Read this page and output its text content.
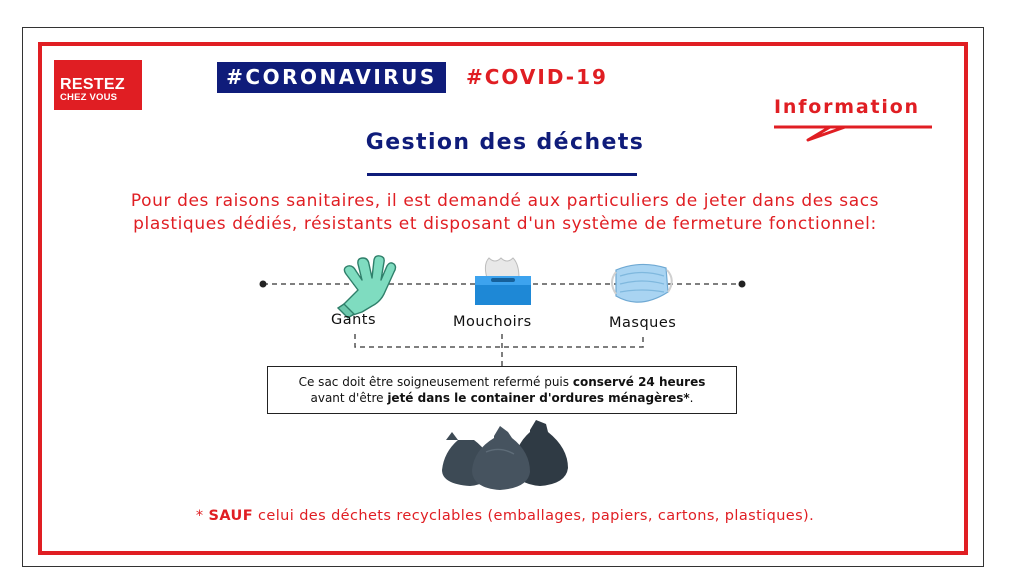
RESTEZ
CHEZ VOUS
#CORONAVIRUS	#COVID-19
Information
Gestion des déchets
Pour des raisons sanitaires, il est demandé aux particuliers de jeter dans des sacs
plastiques dédiés, résistants et disposant d'un système de fermeture fonctionnel:
Gants	Mouchoirs	Masques
Ce sac doit être soigneusement refermé puis conservé 24 heures
avant d'être jeté dans le container d'ordures ménagères*.
* SAUF celui des déchets recyclables (emballages, papiers, cartons, plastiques).
